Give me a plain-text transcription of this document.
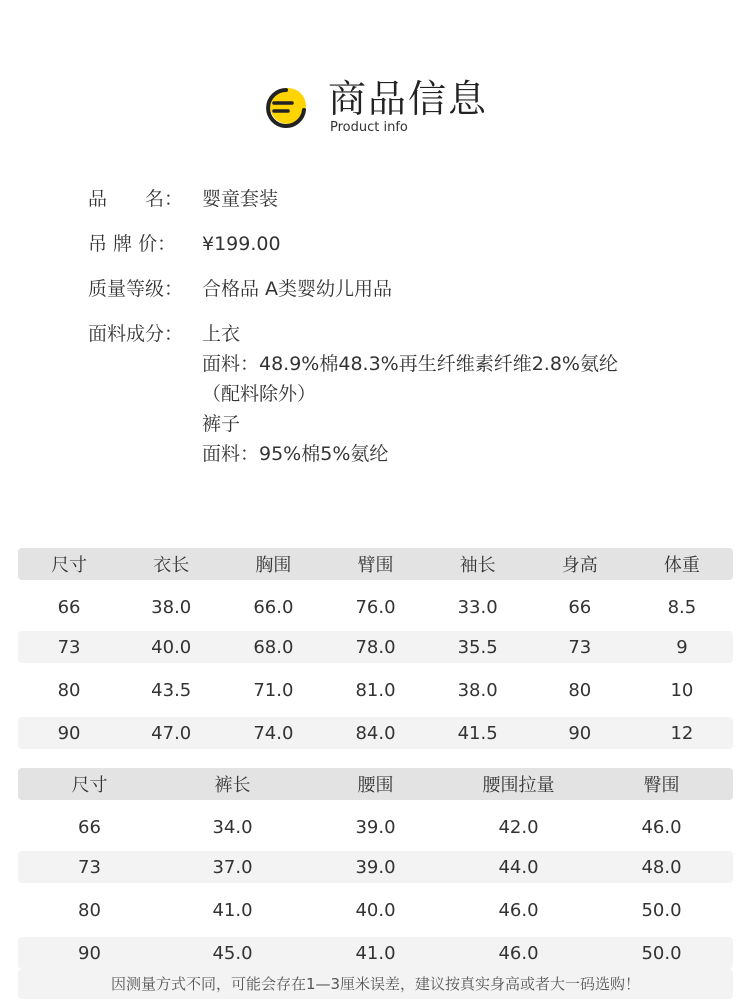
商品信息
Product info
品　　名： 婴童套装
吊 牌 价：	¥199.00
质量等级： 合格品 A类婴幼儿用品
面料成分： 上衣
面料：48.9%棉48.3%再生纤维素纤维2.8%氨纶
（配料除外）
裤子
面料：95%棉5%氨纶
尺寸	衣长	胸围	臂围	袖长	身高	体重
66	38.0	66.0	76.0	33.0	66	8.5
73	40.0	68.0	78.0	35.5	73	9
80	43.5	71.0	81.0	38.0	80	10
90	47.0	74.0	84.0	41.5	90	12
尺寸	裤长	腰围	腰围拉量	臀围
66	34.0	39.0	42.0	46.0
73	37.0	39.0	44.0	48.0
80	41.0	40.0	46.0	50.0
90	45.0	41.0	46.0	50.0
因测量方式不同，可能会存在1—3厘米误差，建议按真实身高或者大一码选购！
